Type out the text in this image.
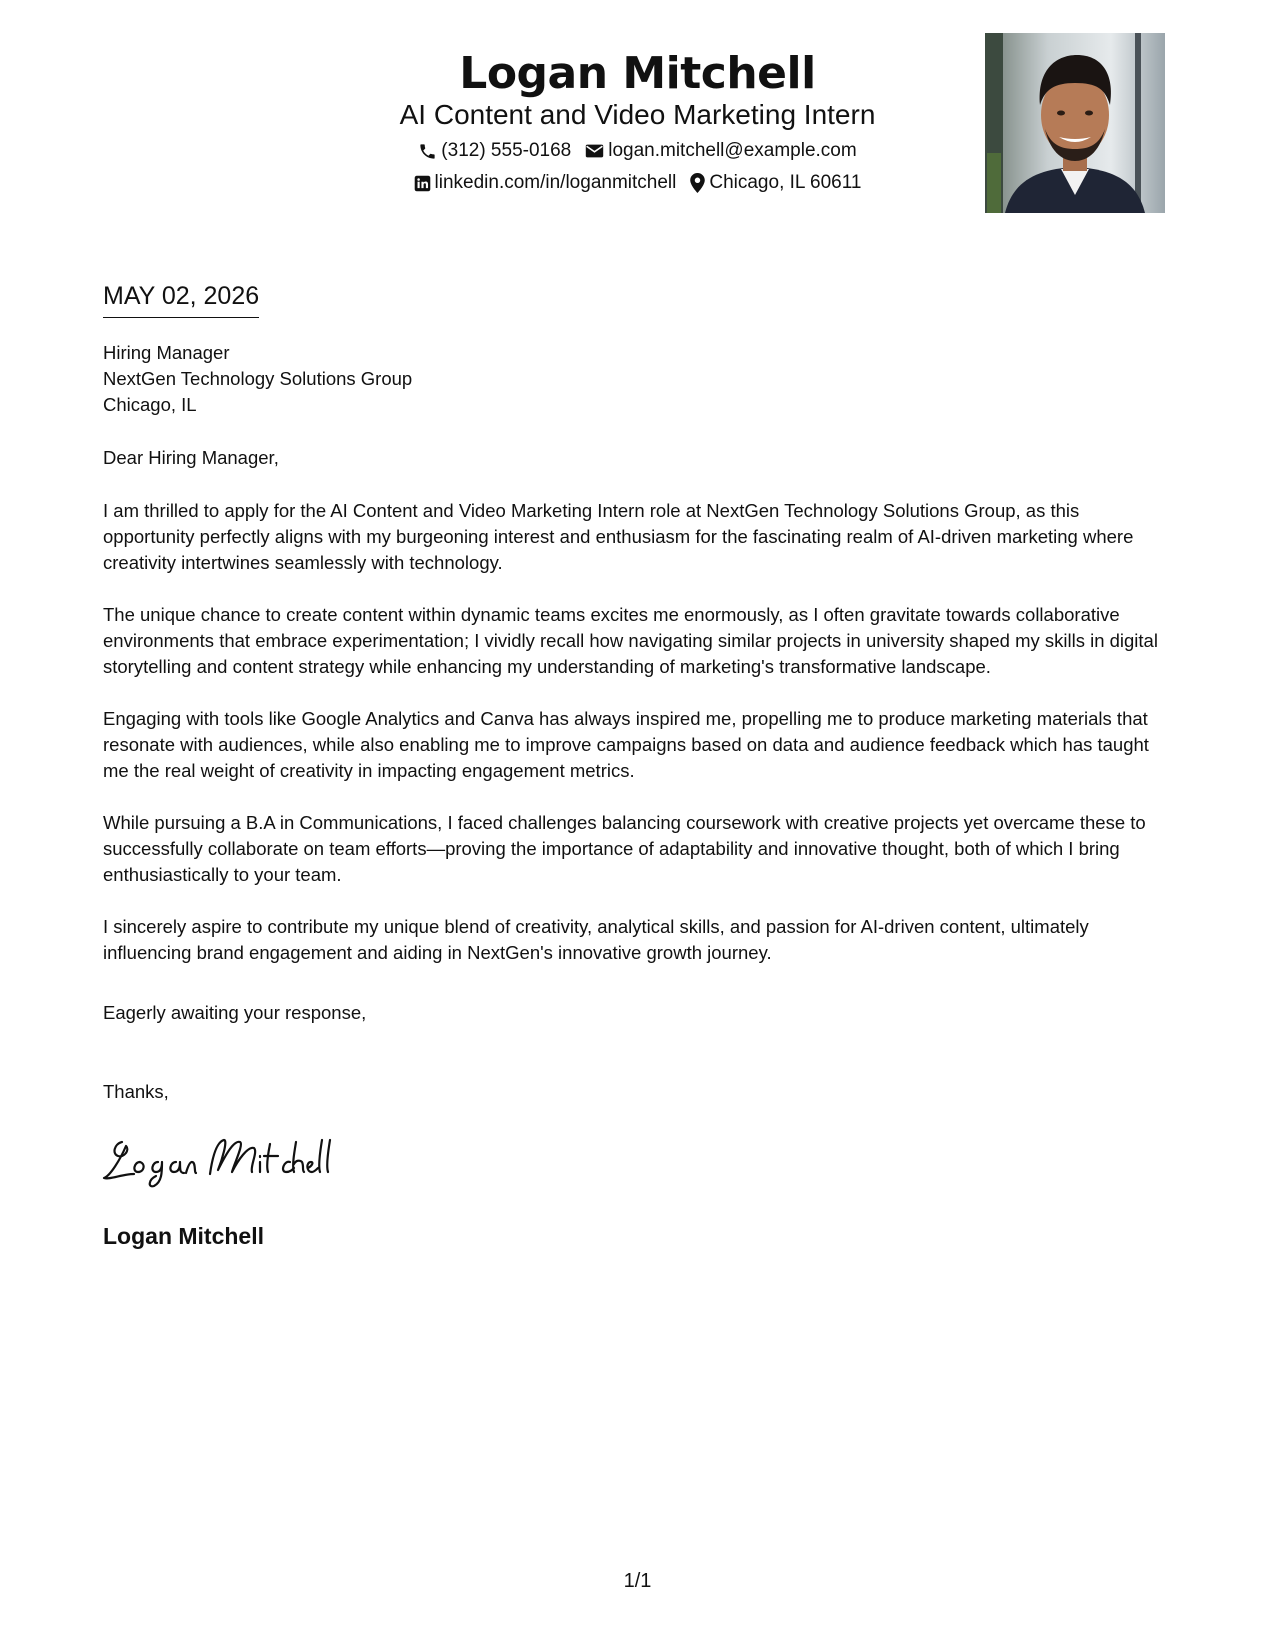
Logan Mitchell
AI Content and Video Marketing Intern
(312) 555-0168 logan.mitchell@example.com
linkedin.com/in/loganmitchell Chicago, IL 60611
MAY 02, 2026
Hiring Manager
NextGen Technology Solutions Group
Chicago, IL
Dear Hiring Manager,

I am thrilled to apply for the AI Content and Video Marketing Intern role at NextGen Technology Solutions Group, as this opportunity perfectly aligns with my burgeoning interest and enthusiasm for the fascinating realm of AI-driven marketing where creativity intertwines seamlessly with technology.

The unique chance to create content within dynamic teams excites me enormously, as I often gravitate towards collaborative environments that embrace experimentation; I vividly recall how navigating similar projects in university shaped my skills in digital storytelling and content strategy while enhancing my understanding of marketing's transformative landscape.

Engaging with tools like Google Analytics and Canva has always inspired me, propelling me to produce marketing materials that resonate with audiences, while also enabling me to improve campaigns based on data and audience feedback which has taught me the real weight of creativity in impacting engagement metrics.

While pursuing a B.A in Communications, I faced challenges balancing coursework with creative projects yet overcame these to successfully collaborate on team efforts—proving the importance of adaptability and innovative thought, both of which I bring enthusiastically to your team.

I sincerely aspire to contribute my unique blend of creativity, analytical skills, and passion for AI-driven content, ultimately influencing brand engagement and aiding in NextGen's innovative growth journey.

Eagerly awaiting your response,
Thanks,
Logan Mitchell
1/1
